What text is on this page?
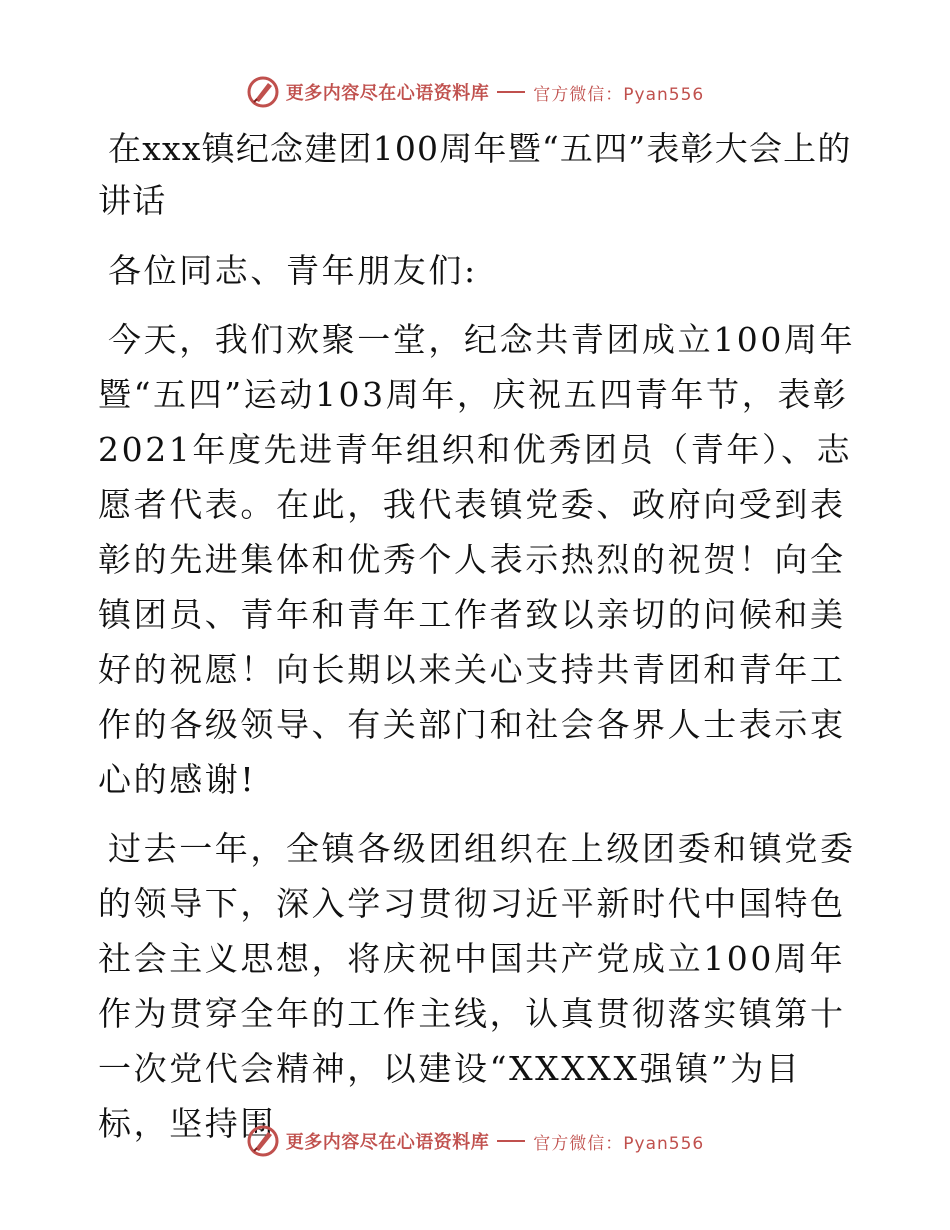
更多内容尽在心语资料库	官方微信：Pyan556
在xxx镇纪念建团100周年暨“五四”表彰大会上的讲话

各位同志、青年朋友们:

今天，我们欢聚一堂，纪念共青团成立100周年暨“五四”运动103周年，庆祝五四青年节，表彰2021年度先进青年组织和优秀团员（青年）、志愿者代表。在此，我代表镇党委、政府向受到表彰的先进集体和优秀个人表示热烈的祝贺！向全镇团员、青年和青年工作者致以亲切的问候和美好的祝愿！向长期以来关心支持共青团和青年工作的各级领导、有关部门和社会各界人士表示衷心的感谢!

过去一年，全镇各级团组织在上级团委和镇党委的领导下，深入学习贯彻习近平新时代中国特色社会主义思想，将庆祝中国共产党成立100周年作为贯穿全年的工作主线，认真贯彻落实镇第十一次党代会精神，以建设“XXXXX强镇”为目标，坚持围 更多内容尽在心语资料库	官方微信：Pyan556
